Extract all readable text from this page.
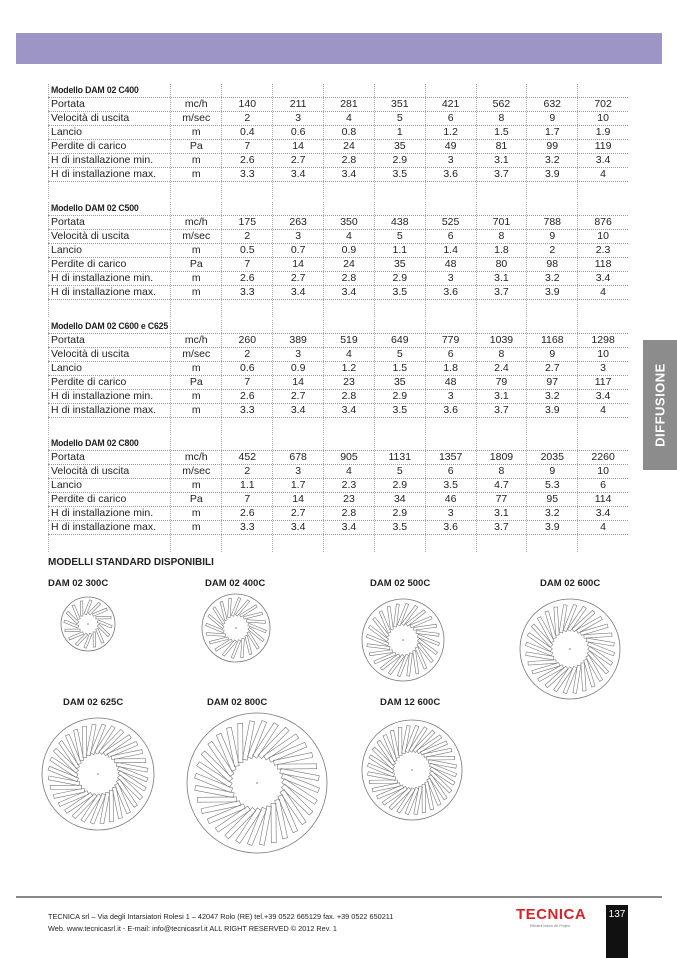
Modello DAM 02 C400
Portata	mc/h	140	211	281	351	421	562	632	702
Velocità di uscita	m/sec	2	3	4	5	6	8	9	10
Lancio	m	0.4	0.6	0.8	1	1.2	1.5	1.7	1.9
Perdite di carico	Pa	7	14	24	35	49	81	99	119
H di installazione min.	m	2.6	2.7	2.8	2.9	3	3.1	3.2	3.4
H di installazione max.	m	3.3	3.4	3.4	3.5	3.6	3.7	3.9	4
Modello DAM 02 C500
Portata	mc/h	175	263	350	438	525	701	788	876
Velocità di uscita	m/sec	2	3	4	5	6	8	9	10
Lancio	m	0.5	0.7	0.9	1.1	1.4	1.8	2	2.3
Perdite di carico	Pa	7	14	24	35	48	80	98	118
H di installazione min.	m	2.6	2.7	2.8	2.9	3	3.1	3.2	3.4
H di installazione max.	m	3.3	3.4	3.4	3.5	3.6	3.7	3.9	4
Modello DAM 02 C600 e C625
Portata	mc/h	260	389	519	649	779	1039	1168	1298
Velocità di uscita	m/sec	2	3	4	5	6	8	9	10
Lancio	m	0.6	0.9	1.2	1.5	1.8	2.4	2.7	3
Perdite di carico	Pa	7	14	23	35	48	79	97	117
H di installazione min.	m	2.6	2.7	2.8	2.9	3	3.1	3.2	3.4
H di installazione max.	m	3.3	3.4	3.4	3.5	3.6	3.7	3.9	4
Modello DAM 02 C800
Portata	mc/h	452	678	905	1131	1357	1809	2035	2260
Velocità di uscita	m/sec	2	3	4	5	6	8	9	10
Lancio	m	1.1	1.7	2.3	2.9	3.5	4.7	5.3	6
Perdite di carico	Pa	7	14	23	34	46	77	95	114
H di installazione min.	m	2.6	2.7	2.8	2.9	3	3.1	3.2	3.4
H di installazione max.	m	3.3	3.4	3.4	3.5	3.6	3.7	3.9	4
MODELLI STANDARD DISPONIBILI
DAM 02 300C	DAM 02 400C	DAM 02 500C	DAM 02 600C
DAM 02 625C	DAM 02 800C	DAM 12 600C
DIFFUSIONE
TECNICA srl – Via degli Intarsiatori Rolesi 1 – 42047 Rolo (RE) tel.+39 0522 665129 fax. +39 0522 650211
Web. www.tecnicasrl.it - E-mail: info@tecnicasrl.it ALL RIGHT RESERVED © 2012 Rev. 1
TECNICA
Efficient Indoor Air Project
137
